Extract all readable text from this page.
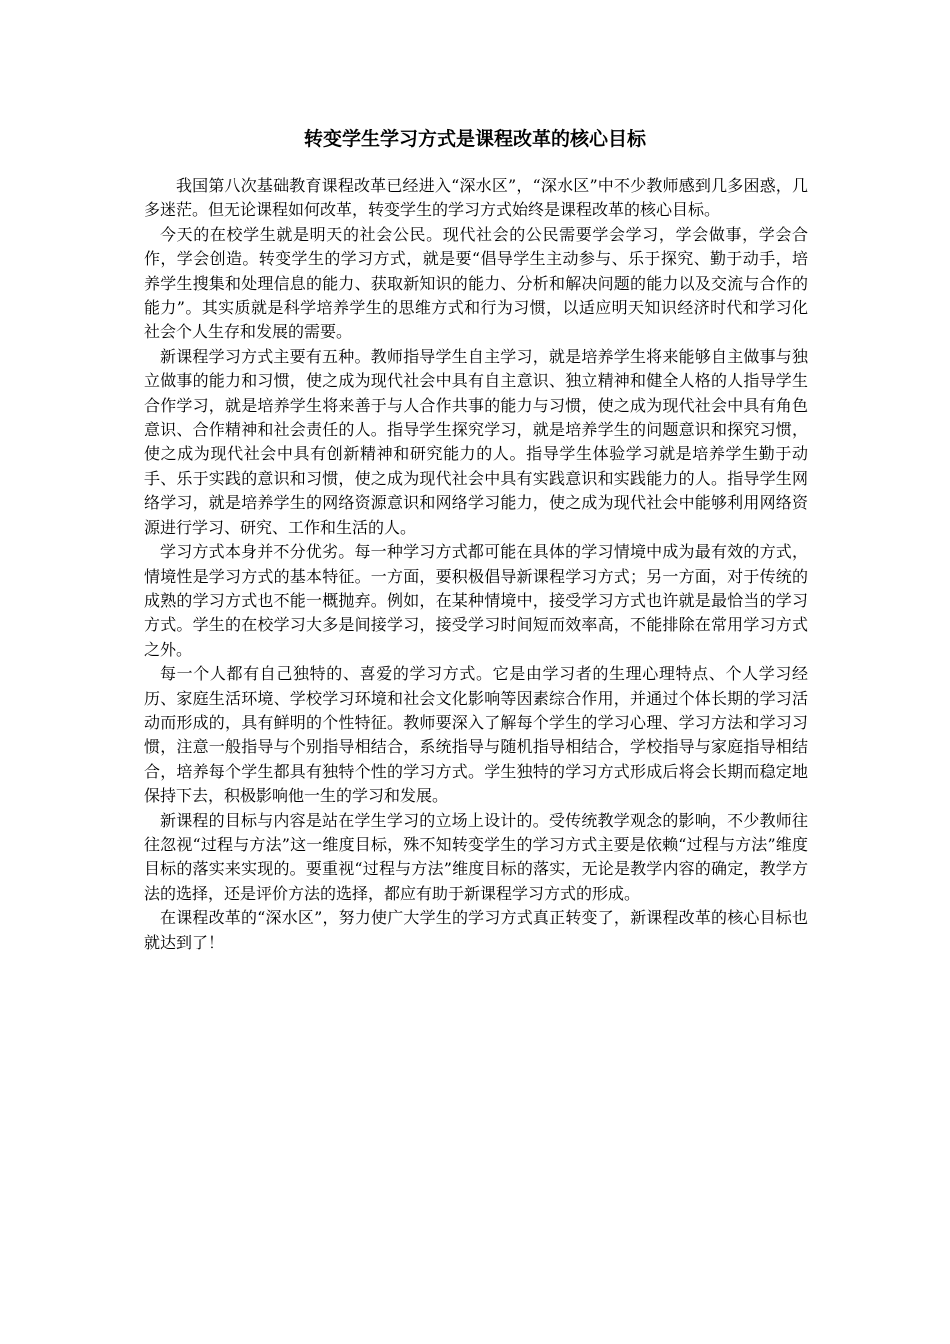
转变学生学习方式是课程改革的核心目标

我国第八次基础教育课程改革已经进入“深水区”，“深水区”中不少教师感到几多困惑，几多迷茫。但无论课程如何改革，转变学生的学习方式始终是课程改革的核心目标。

今天的在校学生就是明天的社会公民。现代社会的公民需要学会学习，学会做事，学会合作，学会创造。转变学生的学习方式，就是要“倡导学生主动参与、乐于探究、勤于动手，培养学生搜集和处理信息的能力、获取新知识的能力、分析和解决问题的能力以及交流与合作的能力”。其实质就是科学培养学生的思维方式和行为习惯，以适应明天知识经济时代和学习化社会个人生存和发展的需要。

新课程学习方式主要有五种。教师指导学生自主学习，就是培养学生将来能够自主做事与独立做事的能力和习惯，使之成为现代社会中具有自主意识、独立精神和健全人格的人指导学生合作学习，就是培养学生将来善于与人合作共事的能力与习惯，使之成为现代社会中具有角色意识、合作精神和社会责任的人。指导学生探究学习，就是培养学生的问题意识和探究习惯，使之成为现代社会中具有创新精神和研究能力的人。指导学生体验学习就是培养学生勤于动手、乐于实践的意识和习惯，使之成为现代社会中具有实践意识和实践能力的人。指导学生网络学习，就是培养学生的网络资源意识和网络学习能力，使之成为现代社会中能够利用网络资源进行学习、研究、工作和生活的人。

学习方式本身并不分优劣。每一种学习方式都可能在具体的学习情境中成为最有效的方式，情境性是学习方式的基本特征。一方面，要积极倡导新课程学习方式；另一方面，对于传统的成熟的学习方式也不能一概抛弃。例如，在某种情境中，接受学习方式也许就是最恰当的学习方式。学生的在校学习大多是间接学习，接受学习时间短而效率高，不能排除在常用学习方式之外。

每一个人都有自己独特的、喜爱的学习方式。它是由学习者的生理心理特点、个人学习经历、家庭生活环境、学校学习环境和社会文化影响等因素综合作用，并通过个体长期的学习活动而形成的，具有鲜明的个性特征。教师要深入了解每个学生的学习心理、学习方法和学习习惯，注意一般指导与个别指导相结合，系统指导与随机指导相结合，学校指导与家庭指导相结合，培养每个学生都具有独特个性的学习方式。学生独特的学习方式形成后将会长期而稳定地保持下去，积极影响他一生的学习和发展。

新课程的目标与内容是站在学生学习的立场上设计的。受传统教学观念的影响，不少教师往往忽视“过程与方法”这一维度目标，殊不知转变学生的学习方式主要是依赖“过程与方法”维度目标的落实来实现的。要重视“过程与方法”维度目标的落实，无论是教学内容的确定，教学方法的选择，还是评价方法的选择，都应有助于新课程学习方式的形成。

在课程改革的“深水区”，努力使广大学生的学习方式真正转变了，新课程改革的核心目标也就达到了！
